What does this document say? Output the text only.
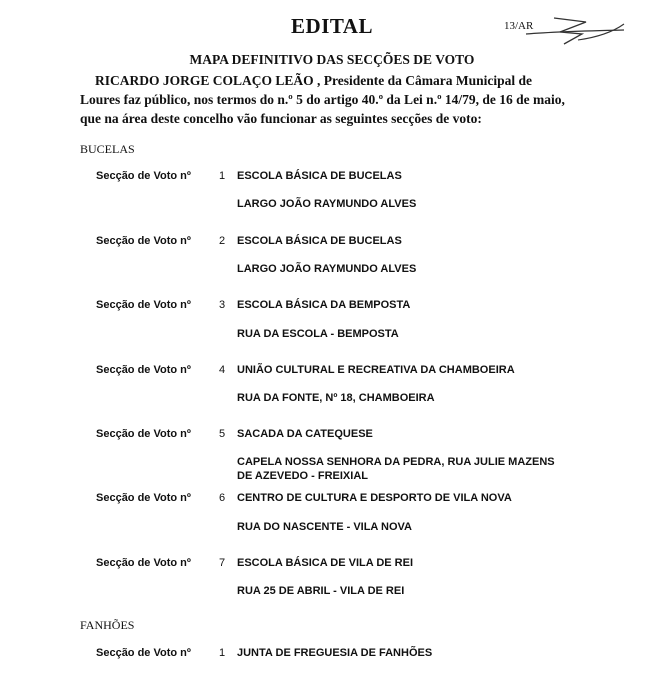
EDITAL	13/AR
MAPA DEFINITIVO DAS SECÇÕES DE VOTO
RICARDO JORGE COLAÇO LEÃO , Presidente da Câmara Municipal de
Loures faz público, nos termos do n.º 5 do artigo 40.º da Lei n.º 14/79, de 16 de maio,
que na área deste concelho vão funcionar as seguintes secções de voto:
BUCELAS
Secção de Voto nº	1 ESCOLA BÁSICA DE BUCELAS
LARGO JOÃO RAYMUNDO ALVES
Secção de Voto nº	2 ESCOLA BÁSICA DE BUCELAS
LARGO JOÃO RAYMUNDO ALVES
Secção de Voto nº	3 ESCOLA BÁSICA DA BEMPOSTA
RUA DA ESCOLA - BEMPOSTA
Secção de Voto nº	4 UNIÃO CULTURAL E RECREATIVA DA CHAMBOEIRA
RUA DA FONTE, Nº 18, CHAMBOEIRA
Secção de Voto nº	5 SACADA DA CATEQUESE
CAPELA NOSSA SENHORA DA PEDRA, RUA JULIE MAZENS
DE AZEVEDO - FREIXIAL
Secção de Voto nº	6 CENTRO DE CULTURA E DESPORTO DE VILA NOVA
RUA DO NASCENTE - VILA NOVA
Secção de Voto nº	7 ESCOLA BÁSICA DE VILA DE REI
RUA 25 DE ABRIL - VILA DE REI
FANHÕES
Secção de Voto nº	1 JUNTA DE FREGUESIA DE FANHÕES
